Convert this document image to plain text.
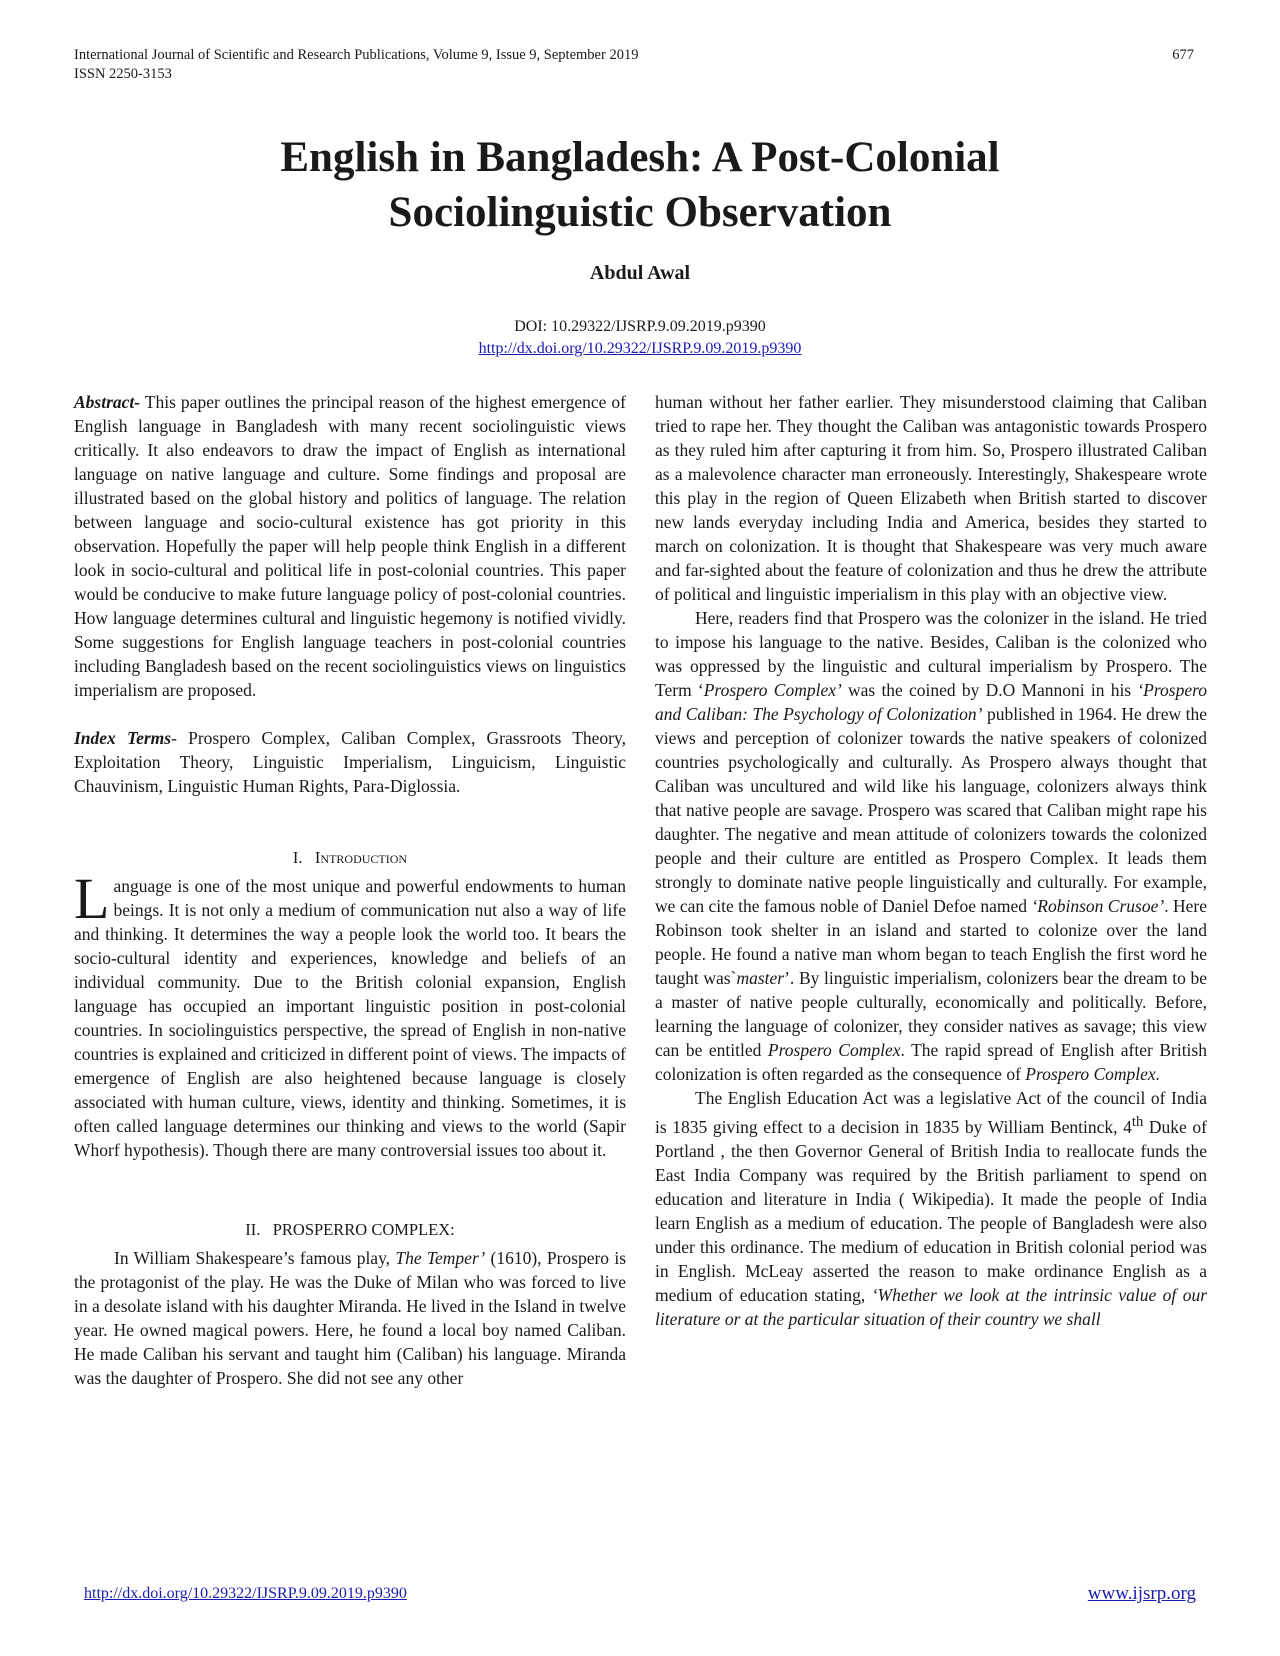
International Journal of Scientific and Research Publications, Volume 9, Issue 9, September 2019
ISSN 2250-3153
677
English in Bangladesh: A Post-Colonial
Sociolinguistic Observation
Abdul Awal
DOI: 10.29322/IJSRP.9.09.2019.p9390
http://dx.doi.org/10.29322/IJSRP.9.09.2019.p9390

Abstract- This paper outlines the principal reason of the highest emergence of English language in Bangladesh with many recent sociolinguistic views critically. It also endeavors to draw the impact of English as international language on native language and culture. Some findings and proposal are illustrated based on the global history and politics of language. The relation between language and socio-cultural existence has got priority in this observation. Hopefully the paper will help people think English in a different look in socio-cultural and political life in post-colonial countries. This paper would be conducive to make future language policy of post-colonial countries. How language determines cultural and linguistic hegemony is notified vividly. Some suggestions for English language teachers in post-colonial countries including Bangladesh based on the recent sociolinguistics views on linguistics imperialism are proposed.

Index Terms- Prospero Complex, Caliban Complex, Grassroots Theory, Exploitation Theory, Linguistic Imperialism, Linguicism, Linguistic Chauvinism, Linguistic Human Rights, Para-Diglossia.

I. Introduction

Language is one of the most unique and powerful endowments to human beings. It is not only a medium of communication nut also a way of life and thinking. It determines the way a people look the world too. It bears the socio-cultural identity and experiences, knowledge and beliefs of an individual community. Due to the British colonial expansion, English language has occupied an important linguistic position in post-colonial countries. In sociolinguistics perspective, the spread of English in non-native countries is explained and criticized in different point of views. The impacts of emergence of English are also heightened because language is closely associated with human culture, views, identity and thinking. Sometimes, it is often called language determines our thinking and views to the world (Sapir Whorf hypothesis). Though there are many controversial issues too about it.

II. PROSPERRO COMPLEX:

In William Shakespeare’s famous play, The Temper’ (1610), Prospero is the protagonist of the play. He was the Duke of Milan who was forced to live in a desolate island with his daughter Miranda. He lived in the Island in twelve year. He owned magical powers. Here, he found a local boy named Caliban. He made Caliban his servant and taught him (Caliban) his language. Miranda was the daughter of Prospero. She did not see any other

human without her father earlier. They misunderstood claiming that Caliban tried to rape her. They thought the Caliban was antagonistic towards Prospero as they ruled him after capturing it from him. So, Prospero illustrated Caliban as a malevolence character man erroneously. Interestingly, Shakespeare wrote this play in the region of Queen Elizabeth when British started to discover new lands everyday including India and America, besides they started to march on colonization. It is thought that Shakespeare was very much aware and far-sighted about the feature of colonization and thus he drew the attribute of political and linguistic imperialism in this play with an objective view.

Here, readers find that Prospero was the colonizer in the island. He tried to impose his language to the native. Besides, Caliban is the colonized who was oppressed by the linguistic and cultural imperialism by Prospero. The Term ‘Prospero Complex’ was the coined by D.O Mannoni in his ‘Prospero and Caliban: The Psychology of Colonization’ published in 1964. He drew the views and perception of colonizer towards the native speakers of colonized countries psychologically and culturally. As Prospero always thought that Caliban was uncultured and wild like his language, colonizers always think that native people are savage. Prospero was scared that Caliban might rape his daughter. The negative and mean attitude of colonizers towards the colonized people and their culture are entitled as Prospero Complex. It leads them strongly to dominate native people linguistically and culturally. For example, we can cite the famous noble of Daniel Defoe named ‘Robinson Crusoe’. Here Robinson took shelter in an island and started to colonize over the land people. He found a native man whom began to teach English the first word he taught was`master’. By linguistic imperialism, colonizers bear the dream to be a master of native people culturally, economically and politically. Before, learning the language of colonizer, they consider natives as savage; this view can be entitled Prospero Complex. The rapid spread of English after British colonization is often regarded as the consequence of Prospero Complex.

The English Education Act was a legislative Act of the council of India is 1835 giving effect to a decision in 1835 by William Bentinck, 4th Duke of Portland , the then Governor General of British India to reallocate funds the East India Company was required by the British parliament to spend on education and literature in India ( Wikipedia). It made the people of India learn English as a medium of education. The people of Bangladesh were also under this ordinance. The medium of education in British colonial period was in English. McLeay asserted the reason to make ordinance English as a medium of education stating, ‘Whether we look at the intrinsic value of our literature or at the particular situation of their country we shall

http://dx.doi.org/10.29322/IJSRP.9.09.2019.p9390	www.ijsrp.org
